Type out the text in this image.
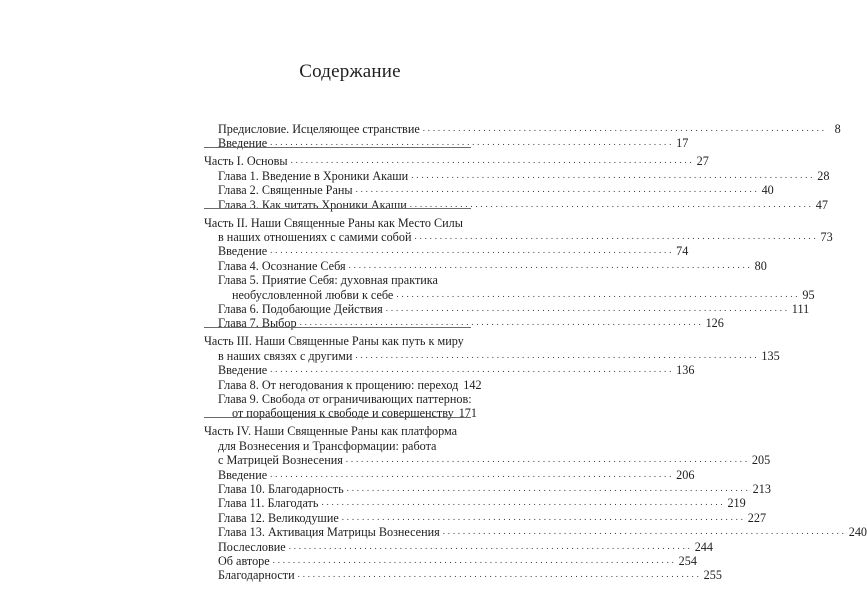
Содержание
Предисловие. Исцеляющее странствие ................................................................................ 8
Введение ................................................................................ 17
Часть I. Основы ................................................................................ 27
Глава 1. Введение в Хроники Акаши ................................................................................ 28
Глава 2. Священные Раны ................................................................................ 40
Глава 3. Как читать Хроники Акаши ................................................................................ 47
Часть II. Наши Священные Раны как Место Силы
в наших отношениях с самими собой ................................................................................ 73
Введение ................................................................................ 74
Глава 4. Осознание Себя ................................................................................ 80
Глава 5. Приятие Себя: духовная практика
необусловленной любви к себе ................................................................................ 95
Глава 6. Подобающие Действия ................................................................................ 111
Глава 7. Выбор ................................................................................ 126
Часть III. Наши Священные Раны как путь к миру
в наших связях с другими ................................................................................ 135
Введение ................................................................................ 136
Глава 8. От негодования к прощению: переход 142
Глава 9. Свобода от ограничивающих паттернов:
от порабощения к свободе и совершенству 171
Часть IV. Наши Священные Раны как платформа
для Вознесения и Трансформации: работа
с Матрицей Вознесения ................................................................................ 205
Введение ................................................................................ 206
Глава 10. Благодарность ................................................................................ 213
Глава 11. Благодать ................................................................................ 219
Глава 12. Великодушие ................................................................................ 227
Глава 13. Активация Матрицы Вознесения ................................................................................ 240
Послесловие ................................................................................ 244
Об авторе ................................................................................ 254
Благодарности ................................................................................ 255
